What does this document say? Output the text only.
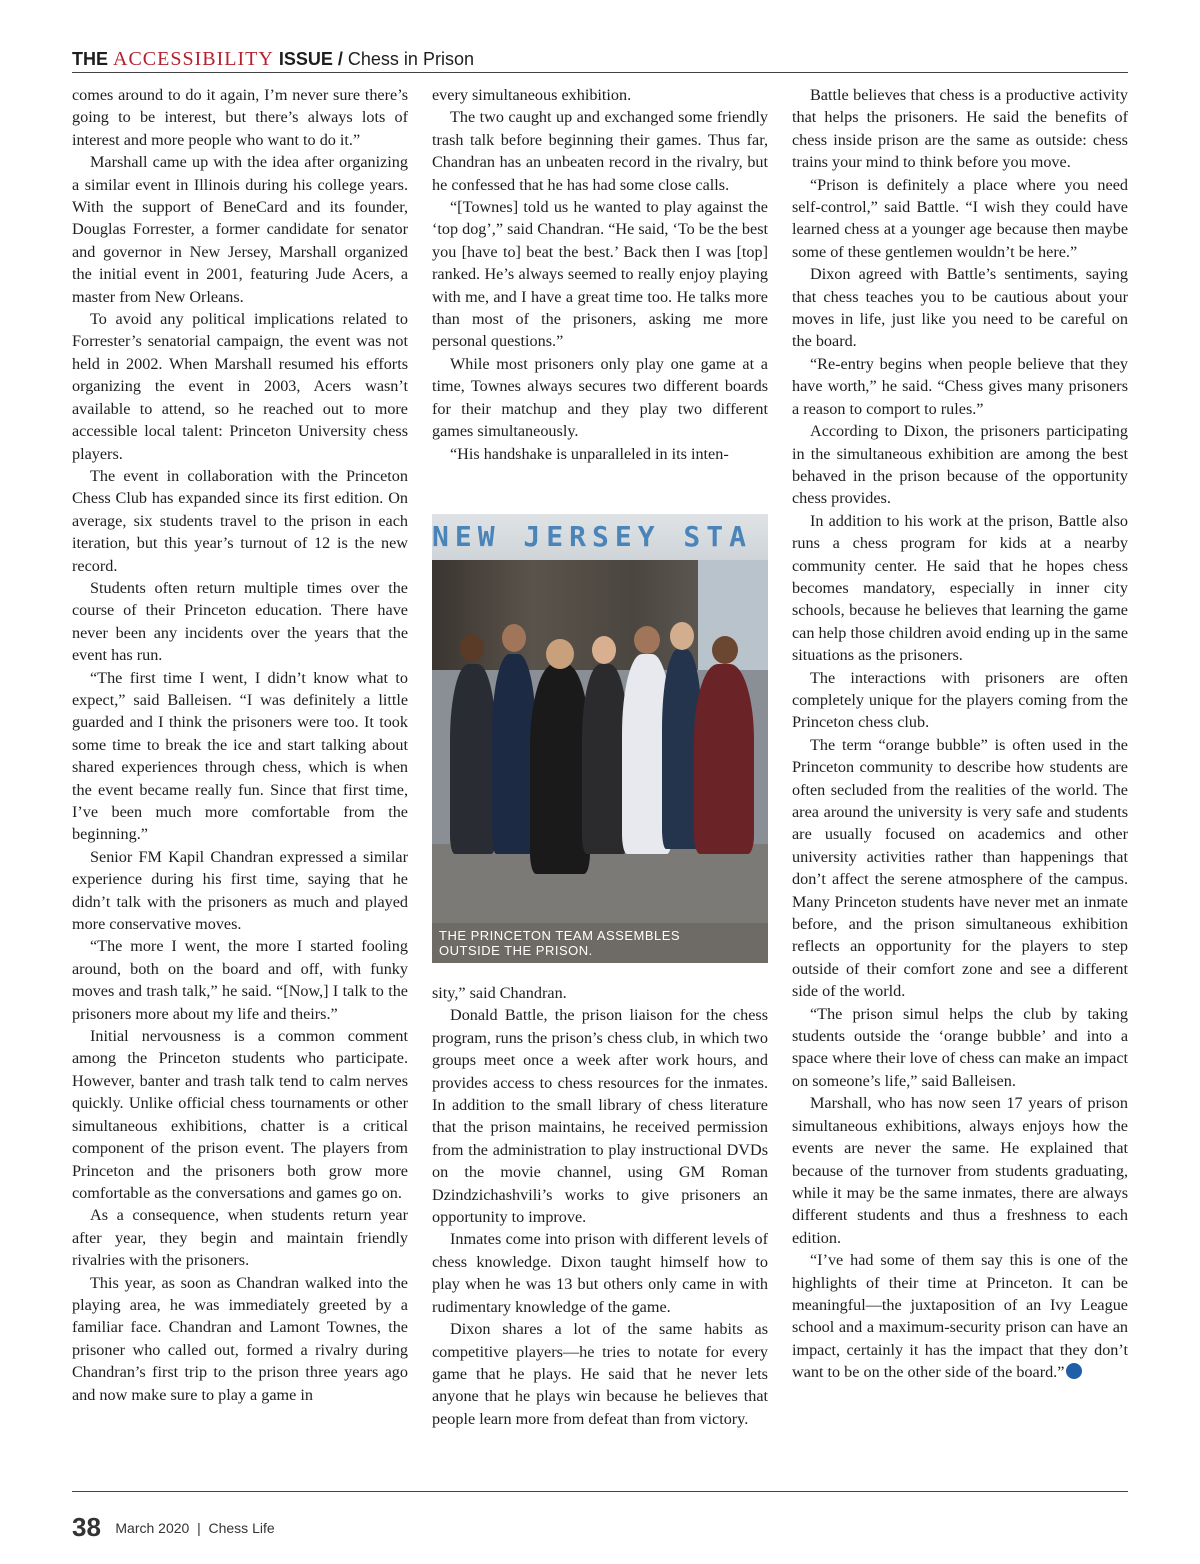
THE ACCESSIBILITY ISSUE / Chess in Prison

comes around to do it again, I’m never sure there’s going to be interest, but there’s always lots of interest and more people who want to do it.”

Marshall came up with the idea after organizing a similar event in Illinois during his college years. With the support of BeneCard and its founder, Douglas Forrester, a former candidate for senator and governor in New Jersey, Marshall organized the initial event in 2001, featuring Jude Acers, a master from New Orleans.

To avoid any political implications related to Forrester’s senatorial campaign, the event was not held in 2002. When Marshall resumed his efforts organizing the event in 2003, Acers wasn’t available to attend, so he reached out to more accessible local talent: Princeton University chess players.

The event in collaboration with the Princeton Chess Club has expanded since its first edition. On average, six students travel to the prison in each iteration, but this year’s turnout of 12 is the new record.

Students often return multiple times over the course of their Princeton education. There have never been any incidents over the years that the event has run.

“The first time I went, I didn’t know what to expect,” said Balleisen. “I was definitely a little guarded and I think the prisoners were too. It took some time to break the ice and start talking about shared experiences through chess, which is when the event became really fun. Since that first time, I’ve been much more comfortable from the beginning.”

Senior FM Kapil Chandran expressed a similar experience during his first time, saying that he didn’t talk with the prisoners as much and played more conservative moves.

“The more I went, the more I started fooling around, both on the board and off, with funky moves and trash talk,” he said. “[Now,] I talk to the prisoners more about my life and theirs.”

Initial nervousness is a common comment among the Princeton students who participate. However, banter and trash talk tend to calm nerves quickly. Unlike official chess tournaments or other simultaneous exhibitions, chatter is a critical component of the prison event. The players from Princeton and the prisoners both grow more comfortable as the conversations and games go on.

As a consequence, when students return year after year, they begin and maintain friendly rivalries with the prisoners.

This year, as soon as Chandran walked into the playing area, he was immediately greeted by a familiar face. Chandran and Lamont Townes, the prisoner who called out, formed a rivalry during Chandran’s first trip to the prison three years ago and now make sure to play a game in

every simultaneous exhibition.

The two caught up and exchanged some friendly trash talk before beginning their games. Thus far, Chandran has an unbeaten record in the rivalry, but he confessed that he has had some close calls.

“[Townes] told us he wanted to play against the ‘top dog’,” said Chandran. “He said, ‘To be the best you [have to] beat the best.’ Back then I was [top] ranked. He’s always seemed to really enjoy playing with me, and I have a great time too. He talks more than most of the prisoners, asking me more personal questions.”

While most prisoners only play one game at a time, Townes always secures two different boards for their matchup and they play two different games simultaneously.

“His handshake is unparalleled in its inten-

NEW JERSEY STA
THE PRINCETON TEAM ASSEMBLES
OUTSIDE THE PRISON.

sity,” said Chandran.

Donald Battle, the prison liaison for the chess program, runs the prison’s chess club, in which two groups meet once a week after work hours, and provides access to chess resources for the inmates. In addition to the small library of chess literature that the prison maintains, he received permission from the administration to play instructional DVDs on the movie channel, using GM Roman Dzindzichashvili’s works to give prisoners an opportunity to improve.

Inmates come into prison with different levels of chess knowledge. Dixon taught himself how to play when he was 13 but others only came in with rudimentary knowledge of the game.

Dixon shares a lot of the same habits as competitive players—he tries to notate for every game that he plays. He said that he never lets anyone that he plays win because he believes that people learn more from defeat than from victory.

Battle believes that chess is a productive activity that helps the prisoners. He said the benefits of chess inside prison are the same as outside: chess trains your mind to think before you move.

“Prison is definitely a place where you need self-control,” said Battle. “I wish they could have learned chess at a younger age because then maybe some of these gentlemen wouldn’t be here.”

Dixon agreed with Battle’s sentiments, saying that chess teaches you to be cautious about your moves in life, just like you need to be careful on the board.

“Re-entry begins when people believe that they have worth,” he said. “Chess gives many prisoners a reason to comport to rules.”

According to Dixon, the prisoners participating in the simultaneous exhibition are among the best behaved in the prison because of the opportunity chess provides.

In addition to his work at the prison, Battle also runs a chess program for kids at a nearby community center. He said that he hopes chess becomes mandatory, especially in inner city schools, because he believes that learning the game can help those children avoid ending up in the same situations as the prisoners.

The interactions with prisoners are often completely unique for the players coming from the Princeton chess club.

The term “orange bubble” is often used in the Princeton community to describe how students are often secluded from the realities of the world. The area around the university is very safe and students are usually focused on academics and other university activities rather than happenings that don’t affect the serene atmosphere of the campus. Many Princeton students have never met an inmate before, and the prison simultaneous exhibition reflects an opportunity for the players to step outside of their comfort zone and see a different side of the world.

“The prison simul helps the club by taking students outside the ‘orange bubble’ and into a space where their love of chess can make an impact on someone’s life,” said Balleisen.

Marshall, who has now seen 17 years of prison simultaneous exhibitions, always enjoys how the events are never the same. He explained that because of the turnover from students graduating, while it may be the same inmates, there are always different students and thus a freshness to each edition.

“I’ve had some of them say this is one of the highlights of their time at Princeton. It can be meaningful—the juxtaposition of an Ivy League school and a maximum-security prison can have an impact, certainly it has the impact that they don’t want to be on the other side of the board.”

38 March 2020  |  Chess Life
